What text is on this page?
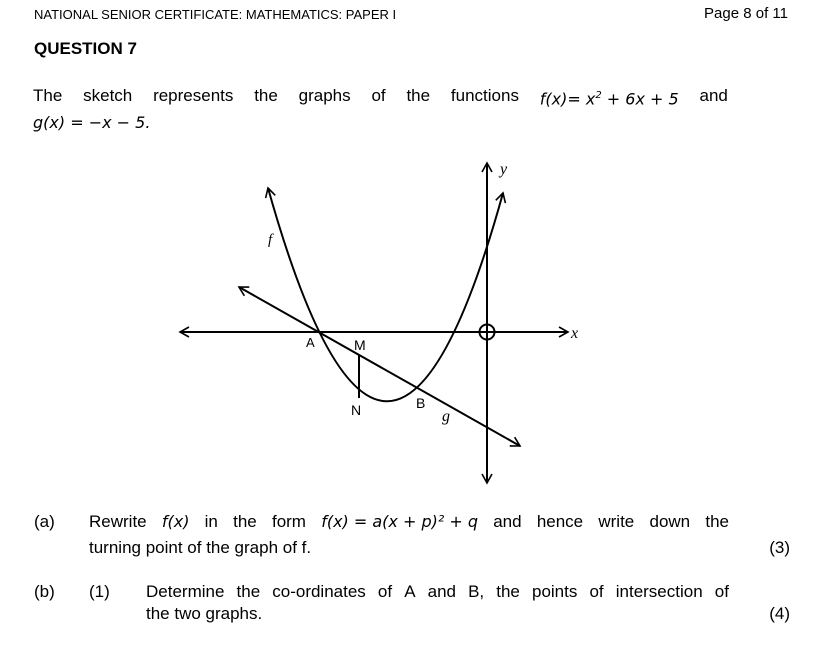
NATIONAL SENIOR CERTIFICATE: MATHEMATICS: PAPER I	Page 8 of 11
QUESTION 7
The sketch represents the graphs of the functions $f(x)= x^2 + 6x + 5$ and
g(x) = −x − 5.
y
x
f
g
A	M
N	B
(a) Rewrite f(x) in the form f(x) = a(x + p)² + q and hence write down the
turning point of the graph of f.	(3)
(b) (1) Determine the co-ordinates of A and B, the points of intersection of
the two graphs.	(4)
